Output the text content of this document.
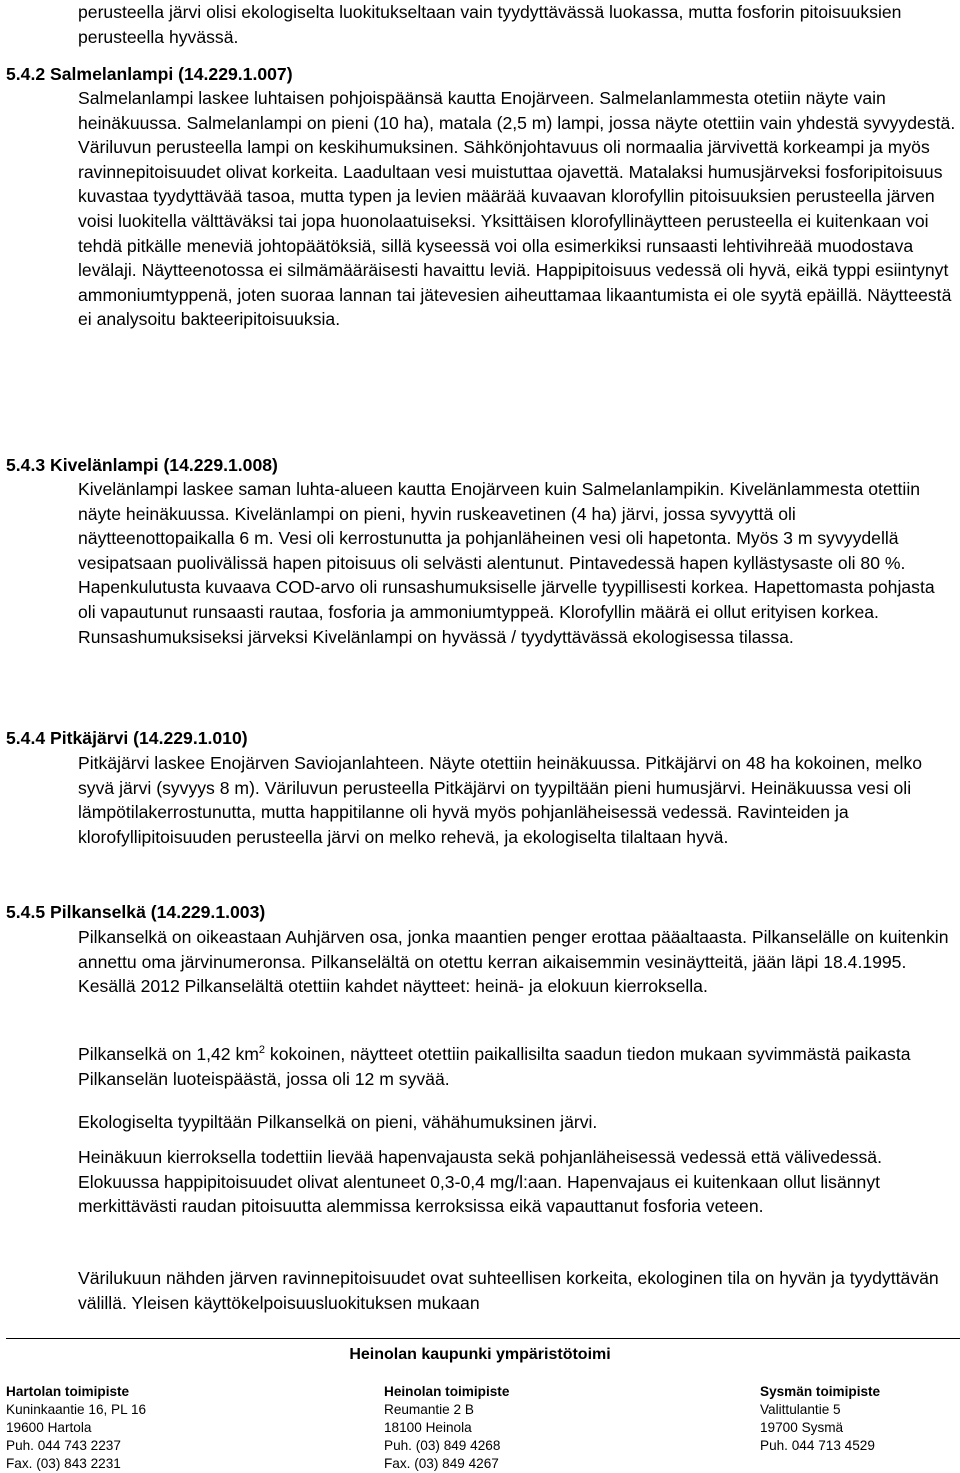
perusteella järvi olisi ekologiselta luokitukseltaan vain tyydyttävässä luokassa, mutta fosforin pitoisuuksien perusteella hyvässä.

5.4.2 Salmelanlampi (14.229.1.007)

Salmelanlampi laskee luhtaisen pohjoispäänsä kautta Enojärveen. Salmelanlammesta otetiin näyte vain heinäkuussa. Salmelanlampi on pieni (10 ha), matala (2,5 m) lampi, jossa näyte otettiin vain yhdestä syvyydestä. Väriluvun perusteella lampi on keskihumuksinen. Sähkönjohtavuus oli normaalia järvivettä korkeampi ja myös ravinnepitoisuudet olivat korkeita. Laadultaan vesi muistuttaa ojavettä. Matalaksi humusjärveksi fosforipitoisuus kuvastaa tyydyttävää tasoa, mutta typen ja levien määrää kuvaavan klorofyllin pitoisuuksien perusteella järven voisi luokitella välttäväksi tai jopa huonolaatuiseksi. Yksittäisen klorofyllinäytteen perusteella ei kuitenkaan voi tehdä pitkälle meneviä johtopäätöksiä, sillä kyseessä voi olla esimerkiksi runsaasti lehtivihreää muodostava levälaji. Näytteenotossa ei silmämääräisesti havaittu leviä. Happipitoisuus vedessä oli hyvä, eikä typpi esiintynyt ammoniumtyppenä, joten suoraa lannan tai jätevesien aiheuttamaa likaantumista ei ole syytä epäillä. Näytteestä ei analysoitu bakteeripitoisuuksia.

5.4.3 Kivelänlampi (14.229.1.008)

Kivelänlampi laskee saman luhta-alueen kautta Enojärveen kuin Salmelanlampikin. Kivelänlammesta otettiin näyte heinäkuussa. Kivelänlampi on pieni, hyvin ruskeavetinen (4 ha) järvi, jossa syvyyttä oli näytteenottopaikalla 6 m. Vesi oli kerrostunutta ja pohjanläheinen vesi oli hapetonta. Myös 3 m syvyydellä vesipatsaan puolivälissä hapen pitoisuus oli selvästi alentunut. Pintavedessä hapen kyllästysaste oli 80 %. Hapenkulutusta kuvaava COD-arvo oli runsashumuksiselle järvelle tyypillisesti korkea. Hapettomasta pohjasta oli vapautunut runsaasti rautaa, fosforia ja ammoniumtyppeä. Klorofyllin määrä ei ollut erityisen korkea. Runsashumuksiseksi järveksi Kivelänlampi on hyvässä / tyydyttävässä ekologisessa tilassa.

5.4.4 Pitkäjärvi (14.229.1.010)

Pitkäjärvi laskee Enojärven Saviojanlahteen. Näyte otettiin heinäkuussa. Pitkäjärvi on 48 ha kokoinen, melko syvä järvi (syvyys 8 m). Väriluvun perusteella Pitkäjärvi on tyypiltään pieni humusjärvi. Heinäkuussa vesi oli lämpötilakerrostunutta, mutta happitilanne oli hyvä myös pohjanläheisessä vedessä. Ravinteiden ja klorofyllipitoisuuden perusteella järvi on melko rehevä, ja ekologiselta tilaltaan hyvä.

5.4.5 Pilkanselkä (14.229.1.003)

Pilkanselkä on oikeastaan Auhjärven osa, jonka maantien penger erottaa pääaltaasta. Pilkanselälle on kuitenkin annettu oma järvinumeronsa. Pilkanselältä on otettu kerran aikaisemmin vesinäytteitä, jään läpi 18.4.1995. Kesällä 2012 Pilkanselältä otettiin kahdet näytteet: heinä- ja elokuun kierroksella.

Pilkanselkä on 1,42 $km^2$ kokoinen, näytteet otettiin paikallisilta saadun tiedon mukaan syvimmästä paikasta Pilkanselän luoteispäästä, jossa oli 12 m syvää.

Ekologiselta tyypiltään Pilkanselkä on pieni, vähähumuksinen järvi.

Heinäkuun kierroksella todettiin lievää hapenvajausta sekä pohjanläheisessä vedessä että välivedessä. Elokuussa happipitoisuudet olivat alentuneet 0,3-0,4 mg/l:aan. Hapenvajaus ei kuitenkaan ollut lisännyt merkittävästi raudan pitoisuutta alemmissa kerroksissa eikä vapauttanut fosforia veteen.

Värilukuun nähden järven ravinnepitoisuudet ovat suhteellisen korkeita, ekologinen tila on hyvän ja tyydyttävän välillä. Yleisen käyttökelpoisuusluokituksen mukaan

Heinolan kaupunki ympäristötoimi
Hartolan toimipiste
Kuninkaantie 16, PL 16
19600 Hartola
Puh. 044 743 2237
Fax. (03) 843 2231
Heinolan toimipiste
Reumantie 2 B
18100 Heinola
Puh. (03) 849 4268
Fax. (03) 849 4267
Sysmän toimipiste
Valittulantie 5
19700 Sysmä
Puh. 044 713 4529
